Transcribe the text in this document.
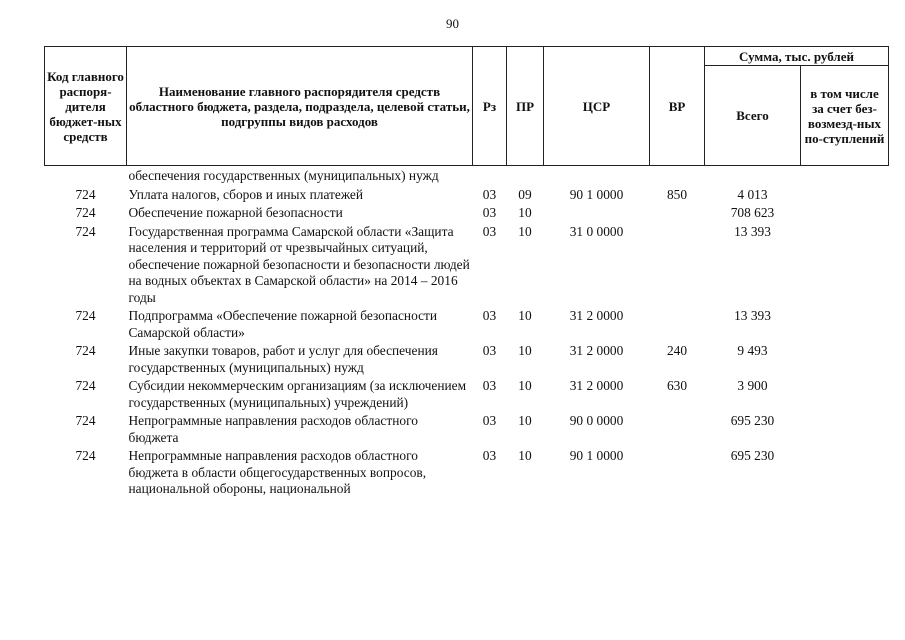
90
Код главного распоря-дителя бюджет-ных средств	Наименование главного распорядителя средств областного бюджета, раздела, подраздела, целевой статьи, подгруппы видов расходов	Рз	ПР	ЦСР	ВР	Сумма, тыс. рублей	
						Всего	в том числе за счет без-возмезд-ных по-ступлений
	обеспечения государственных (муниципальных) нужд						
724	Уплата налогов, сборов и иных платежей	03	09	90 1 0000	850	4 013	
724	Обеспечение пожарной безопасности	03	10			708 623	
724	Государственная программа Самарской области «Защита населения и территорий от чрезвычайных ситуаций, обеспечение пожарной безопасности и безопасности людей на водных объектах в Самарской области» на 2014 – 2016 годы	03	10	31 0 0000		13 393	
724	Подпрограмма «Обеспечение пожарной безопасности Самарской области»	03	10	31 2 0000		13 393	
724	Иные закупки товаров, работ и услуг для обеспечения государственных (муниципальных) нужд	03	10	31 2 0000	240	9 493	
724	Субсидии некоммерческим организациям (за исключением государственных (муниципальных) учреждений)	03	10	31 2 0000	630	3 900	
724	Непрограммные направления расходов областного бюджета	03	10	90 0 0000		695 230	
724	Непрограммные направления расходов областного бюджета в области общегосударственных вопросов, национальной обороны, национальной	03	10	90 1 0000		695 230	
